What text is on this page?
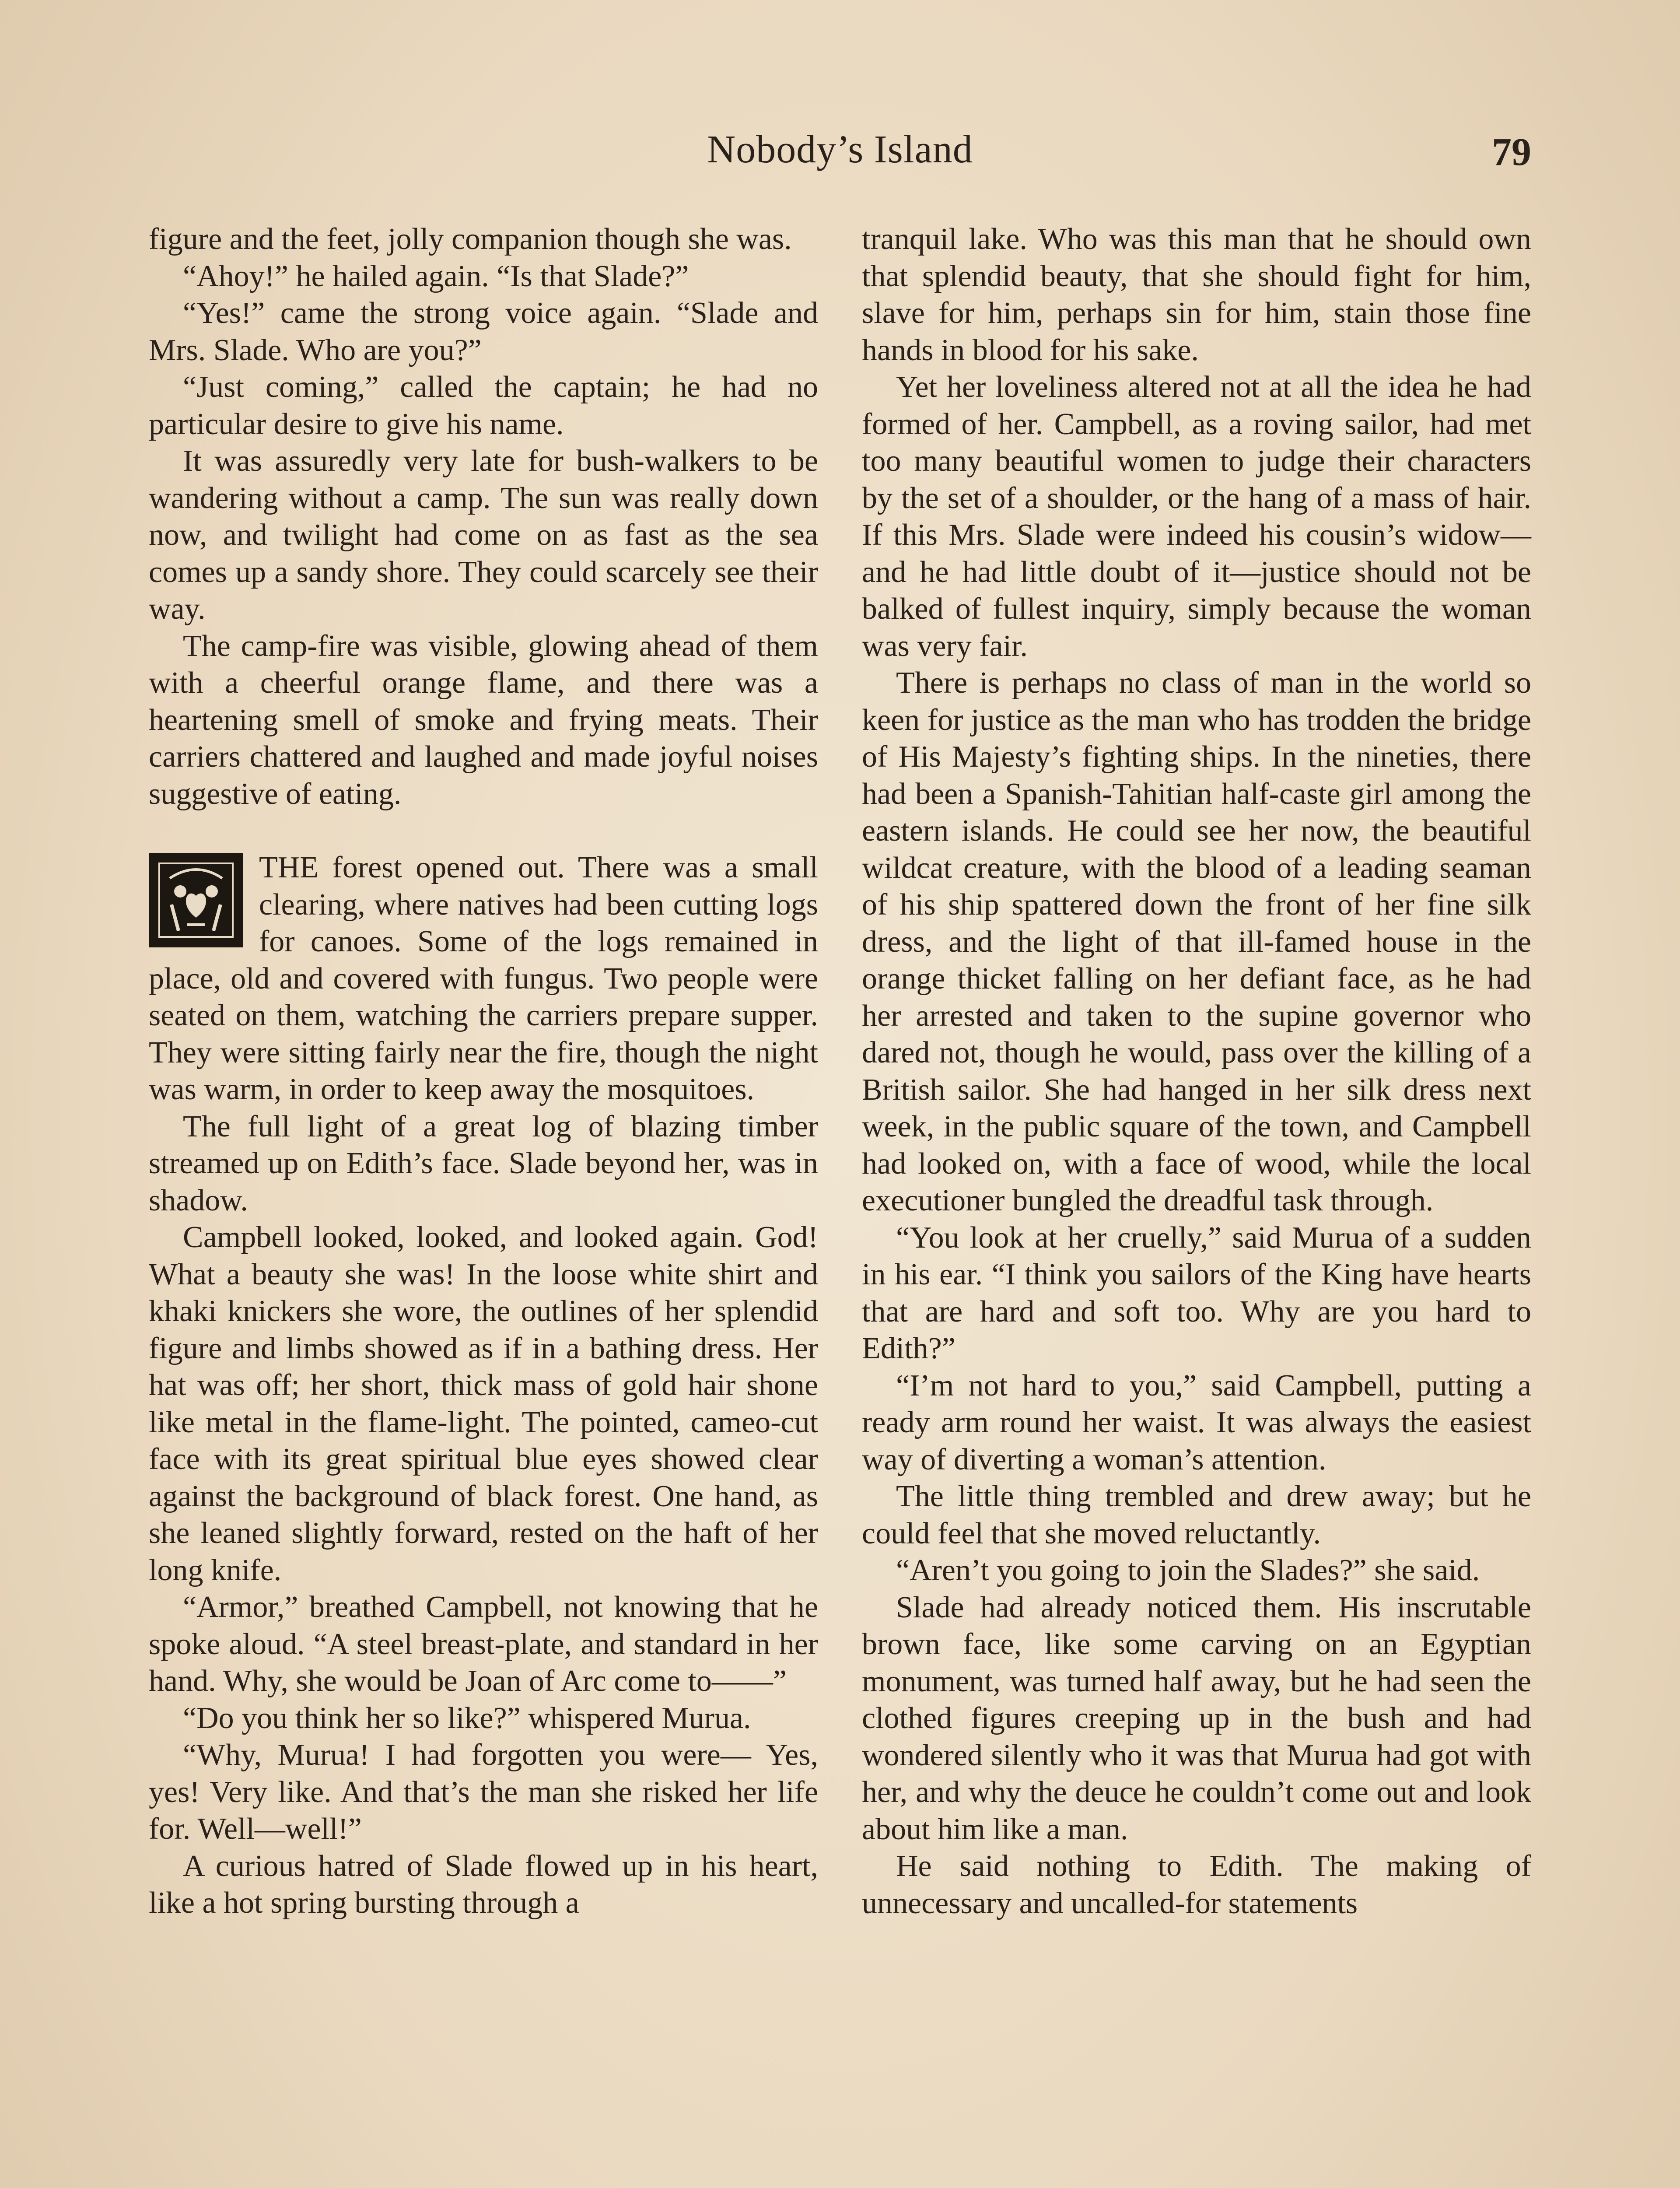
Nobody’s Island	79

figure and the feet, jolly companion though she was.

“Ahoy!” he hailed again. “Is that Slade?”

“Yes!” came the strong voice again. “Slade and Mrs. Slade. Who are you?”

“Just coming,” called the captain; he had no particular desire to give his name.

It was assuredly very late for bush-walkers to be wandering without a camp. The sun was really down now, and twilight had come on as fast as the sea comes up a sandy shore. They could scarcely see their way.

The camp-fire was visible, glowing ahead of them with a cheerful orange flame, and there was a heartening smell of smoke and frying meats. Their carriers chattered and laughed and made joyful noises suggestive of eating.

THE forest opened out. There was a small clearing, where natives had been cutting logs for canoes. Some of the logs remained in place, old and covered with fungus. Two people were seated on them, watching the carriers prepare supper. They were sitting fairly near the fire, though the night was warm, in order to keep away the mosquitoes.

The full light of a great log of blazing timber streamed up on Edith’s face. Slade beyond her, was in shadow.

Campbell looked, looked, and looked again. God! What a beauty she was! In the loose white shirt and khaki knickers she wore, the outlines of her splendid figure and limbs showed as if in a bathing dress. Her hat was off; her short, thick mass of gold hair shone like metal in the flame-light. The pointed, cameo-cut face with its great spiritual blue eyes showed clear against the background of black forest. One hand, as she leaned slightly forward, rested on the haft of her long knife.

“Armor,” breathed Campbell, not knowing that he spoke aloud. “A steel breast-plate, and standard in her hand. Why, she would be Joan of Arc come to——”

“Do you think her so like?” whispered Murua.

“Why, Murua! I had forgotten you were— Yes, yes! Very like. And that’s the man she risked her life for. Well—well!”

A curious hatred of Slade flowed up in his heart, like a hot spring bursting through a

tranquil lake. Who was this man that he should own that splendid beauty, that she should fight for him, slave for him, perhaps sin for him, stain those fine hands in blood for his sake.

Yet her loveliness altered not at all the idea he had formed of her. Campbell, as a roving sailor, had met too many beautiful women to judge their characters by the set of a shoulder, or the hang of a mass of hair. If this Mrs. Slade were indeed his cousin’s widow—and he had little doubt of it—justice should not be balked of fullest inquiry, simply because the woman was very fair.

There is perhaps no class of man in the world so keen for justice as the man who has trodden the bridge of His Majesty’s fighting ships. In the nineties, there had been a Spanish-Tahitian half-caste girl among the eastern islands. He could see her now, the beautiful wildcat creature, with the blood of a leading seaman of his ship spattered down the front of her fine silk dress, and the light of that ill-famed house in the orange thicket falling on her defiant face, as he had her arrested and taken to the supine governor who dared not, though he would, pass over the killing of a British sailor. She had hanged in her silk dress next week, in the public square of the town, and Campbell had looked on, with a face of wood, while the local executioner bungled the dreadful task through.

“You look at her cruelly,” said Murua of a sudden in his ear. “I think you sailors of the King have hearts that are hard and soft too. Why are you hard to Edith?”

“I’m not hard to you,” said Campbell, putting a ready arm round her waist. It was always the easiest way of diverting a woman’s attention.

The little thing trembled and drew away; but he could feel that she moved reluctantly.

“Aren’t you going to join the Slades?” she said.

Slade had already noticed them. His inscrutable brown face, like some carving on an Egyptian monument, was turned half away, but he had seen the clothed figures creeping up in the bush and had wondered silently who it was that Murua had got with her, and why the deuce he couldn’t come out and look about him like a man.

He said nothing to Edith. The making of unnecessary and uncalled-for statements
